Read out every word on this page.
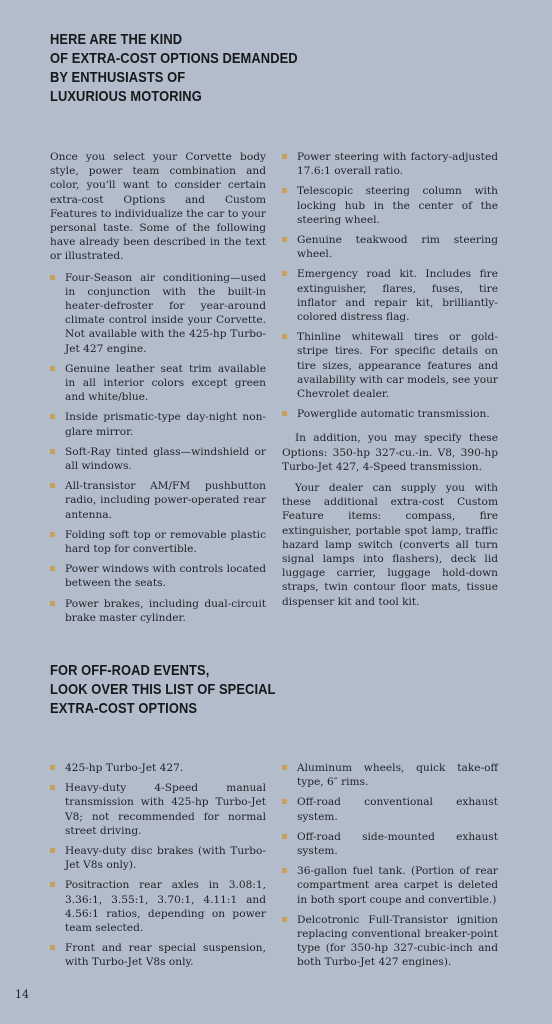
HERE ARE THE KIND
OF EXTRA-COST OPTIONS DEMANDED
BY ENTHUSIASTS OF
LUXURIOUS MOTORING

Once you select your Corvette body style, power team combination and color, you'll want to consider certain extra-cost Options and Custom Features to individualize the car to your personal taste. Some of the following have already been described in the text or illustrated.

Four-Season air conditioning—used in conjunction with the built-in heater-defroster for year-around climate control inside your Corvette. Not available with the 425-hp Turbo-Jet 427 engine.
Genuine leather seat trim available in all interior colors except green and white/blue.
Inside prismatic-type day-night non-glare mirror.
Soft-Ray tinted glass—windshield or all windows.
All-transistor AM/FM pushbutton radio, including power-operated rear antenna.
Folding soft top or removable plastic hard top for convertible.
Power windows with controls located between the seats.
Power brakes, including dual-circuit brake master cylinder.
Power steering with factory-adjusted 17.6:1 overall ratio.
Telescopic steering column with locking hub in the center of the steering wheel.
Genuine teakwood rim steering wheel.
Emergency road kit. Includes fire extinguisher, flares, fuses, tire inflator and repair kit, brilliantly-colored distress flag.
Thinline whitewall tires or gold-stripe tires. For specific details on tire sizes, appearance features and availability with car models, see your Chevrolet dealer.
Powerglide automatic transmission.

In addition, you may specify these Options: 350-hp 327-cu.-in. V8, 390-hp Turbo-Jet 427, 4-Speed transmission.

Your dealer can supply you with these additional extra-cost Custom Feature items: compass, fire extinguisher, portable spot lamp, traffic hazard lamp switch (converts all turn signal lamps into flashers), deck lid luggage carrier, luggage hold-down straps, twin contour floor mats, tissue dispenser kit and tool kit.

FOR OFF-ROAD EVENTS,
LOOK OVER THIS LIST OF SPECIAL
EXTRA-COST OPTIONS
425-hp Turbo-Jet 427.
Heavy-duty 4-Speed manual transmission with 425-hp Turbo-Jet V8; not recommended for normal street driving.
Heavy-duty disc brakes (with Turbo-Jet V8s only).
Positraction rear axles in 3.08:1, 3.36:1, 3.55:1, 3.70:1, 4.11:1 and 4.56:1 ratios, depending on power team selected.
Front and rear special suspension, with Turbo-Jet V8s only.
Aluminum wheels, quick take-off type, 6″ rims.
Off-road conventional exhaust system.
Off-road side-mounted exhaust system.
36-gallon fuel tank. (Portion of rear compartment area carpet is deleted in both sport coupe and convertible.)
Delcotronic Full-Transistor ignition replacing conventional breaker-point type (for 350-hp 327-cubic-inch and both Turbo-Jet 427 engines).
14
